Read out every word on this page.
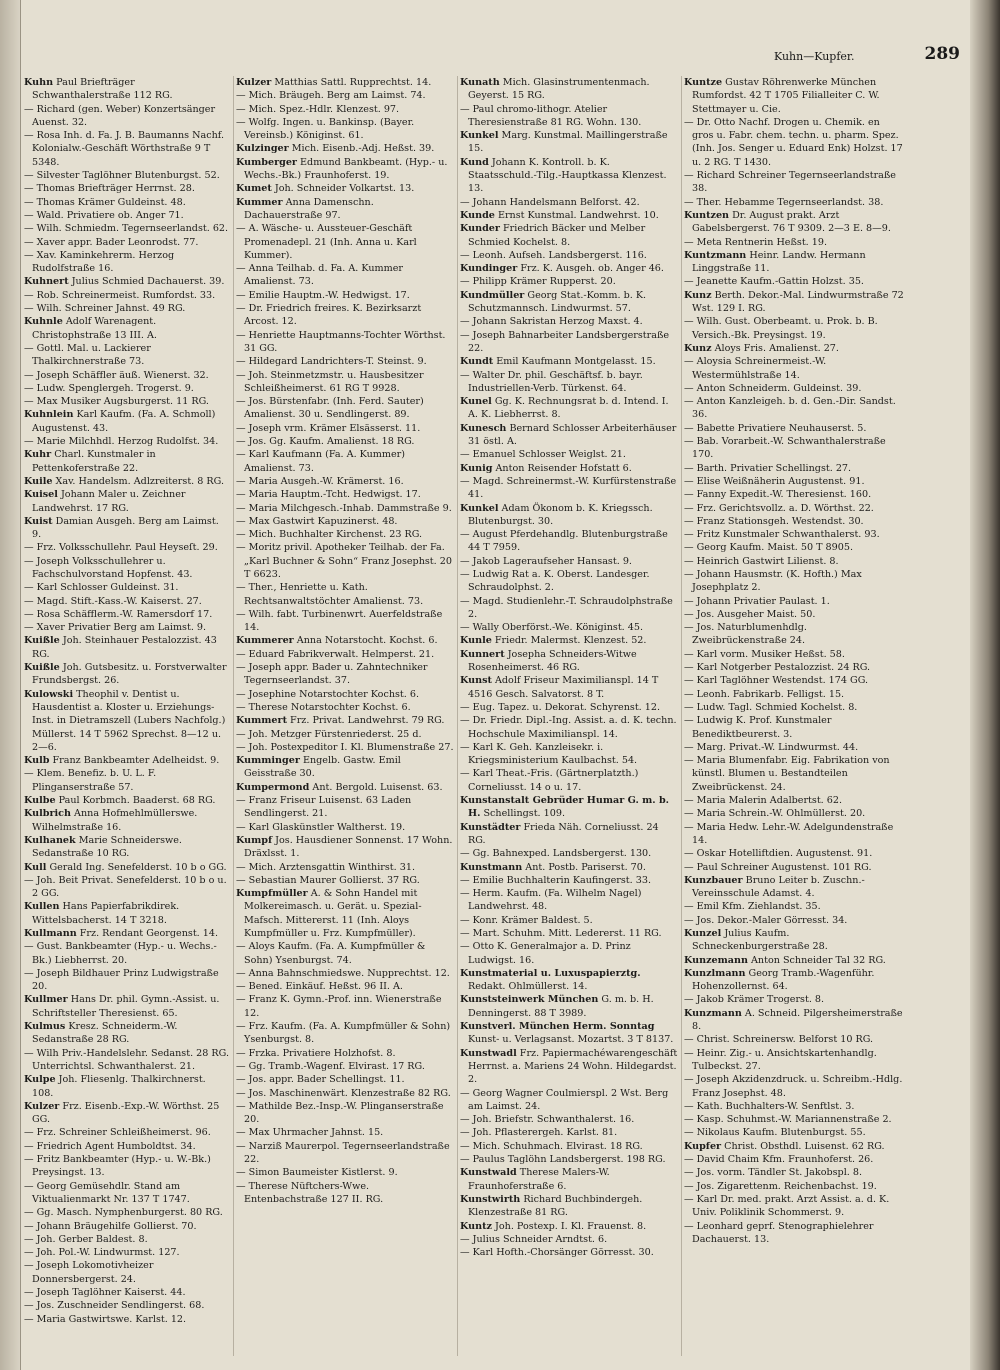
Kuhn—Kupfer.	289

Kuhn Paul Briefträger Schwanthalerstraße 112 RG.

— Richard (gen. Weber) Konzertsänger Auenst. 32.

— Rosa Inh. d. Fa. J. B. Baumanns Nachf. Kolonialw.-Geschäft Wörthstraße 9 T 5348.

— Silvester Taglöhner Blutenburgst. 52.

— Thomas Briefträger Herrnst. 28.

— Thomas Krämer Guldeinst. 48.

— Wald. Privatiere ob. Anger 71.

— Wilh. Schmiedm. Tegernseerlandst. 62.

— Xaver appr. Bader Leonrodst. 77.

— Xav. Kaminkehrerm. Herzog Rudolfstraße 16.

Kuhnert Julius Schmied Dachauerst. 39.

— Rob. Schreinermeist. Rumfordst. 33.

— Wilh. Schreiner Jahnst. 49 RG.

Kuhnle Adolf Warenagent. Christophstraße 13 III. A.

— Gottl. Mal. u. Lackierer Thalkirchnerstraße 73.

— Joseph Schäffler äuß. Wienerst. 32.

— Ludw. Spenglergeh. Trogerst. 9.

— Max Musiker Augsburgerst. 11 RG.

Kuhnlein Karl Kaufm. (Fa. A. Schmoll) Augustenst. 43.

— Marie Milchhdl. Herzog Rudolfst. 34.

Kuhr Charl. Kunstmaler in Pettenkoferstraße 22.

Kuile Xav. Handelsm. Adlzreiterst. 8 RG.

Kuisel Johann Maler u. Zeichner Landwehrst. 17 RG.

Kuist Damian Ausgeh. Berg am Laimst. 9.

— Frz. Volksschullehr. Paul Heyseſt. 29.

— Joseph Volksschullehrer u. Fachschulvorstand Hopfenst. 43.

— Karl Schlosser Guldeinst. 31.

— Magd. Stift.-Kass.-W. Kaiserst. 27.

— Rosa Schäfflerm.-W. Ramersdorf 17.

— Xaver Privatier Berg am Laimst. 9.

Kuißle Joh. Steinhauer Pestalozzist. 43 RG.

Kuißle Joh. Gutsbesitz. u. Forstverwalter Frundsbergst. 26.

Kulowski Theophil v. Dentist u. Hausdentist a. Kloster u. Erziehungs-Inst. in Dietramszell (Lubers Nachfolg.) Müllerst. 14 T 5962 Sprechst. 8—12 u. 2—6.

Kulb Franz Bankbeamter Adelheidst. 9.

— Klem. Benefiz. b. U. L. F. Plinganserstraße 57.

Kulbe Paul Korbmch. Baaderst. 68 RG.

Kulbrich Anna Hofmehlmüllerswe. Wilhelmstraße 16.

Kulhanek Marie Schneiderswe. Sedanstraße 10 RG.

Kull Gerald Ing. Senefelderst. 10 b o GG.

— Joh. Beit Privat. Senefelderst. 10 b o u. 2 GG.

Kullen Hans Papierfabrikdirek. Wittelsbacherst. 14 T 3218.

Kullmann Frz. Rendant Georgenst. 14.

— Gust. Bankbeamter (Hyp.- u. Wechs.-Bk.) Liebherrst. 20.

— Joseph Bildhauer Prinz Ludwigstraße 20.

Kullmer Hans Dr. phil. Gymn.-Assist. u. Schriftsteller Theresienst. 65.

Kulmus Kresz. Schneiderm.-W. Sedanstraße 28 RG.

— Wilh Priv.-Handelslehr. Sedanst. 28 RG. Unterrichtsl. Schwanthalerst. 21.

Kulpe Joh. Fliesenlg. Thalkirchnerst. 108.

Kulzer Frz. Eisenb.-Exp.-W. Wörthst. 25 GG.

— Frz. Schreiner Schleißheimerst. 96.

— Friedrich Agent Humboldtst. 34.

— Fritz Bankbeamter (Hyp.- u. W.-Bk.) Preysingst. 13.

— Georg Gemüsehdlr. Stand am Viktualienmarkt Nr. 137 T 1747.

— Gg. Masch. Nymphenburgerst. 80 RG.

— Johann Bräugehilfe Gollierst. 70.

— Joh. Gerber Baldest. 8.

— Joh. Pol.-W. Lindwurmst. 127.

— Joseph Lokomotivheizer Donnersbergerst. 24.

— Joseph Taglöhner Kaiserst. 44.

— Jos. Zuschneider Sendlingerst. 68.

— Maria Gastwirtswe. Karlst. 12.

Kulzer Matthias Sattl. Rupprechtst. 14.

— Mich. Bräugeh. Berg am Laimst. 74.

— Mich. Spez.-Hdlr. Klenzest. 97.

— Wolfg. Ingen. u. Bankinsp. (Bayer. Vereinsb.) Königinst. 61.

Kulzinger Mich. Eisenb.-Adj. Heßst. 39.

Kumberger Edmund Bankbeamt. (Hyp.- u. Wechs.-Bk.) Fraunhoferst. 19.

Kumet Joh. Schneider Volkartst. 13.

Kummer Anna Damenschn. Dachauerstraße 97.

— A. Wäsche- u. Aussteuer-Geschäft Promenadepl. 21 (Inh. Anna u. Karl Kummer).

— Anna Teilhab. d. Fa. A. Kummer Amalienst. 73.

— Emilie Hauptm.-W. Hedwigst. 17.

— Dr. Friedrich freires. K. Bezirksarzt Arcost. 12.

— Henriette Hauptmanns-Tochter Wörthst. 31 GG.

— Hildegard Landrichters-T. Steinst. 9.

— Joh. Steinmetzmstr. u. Hausbesitzer Schleißheimerst. 61 RG T 9928.

— Jos. Bürstenfabr. (Inh. Ferd. Sauter) Amalienst. 30 u. Sendlingerst. 89.

— Joseph vrm. Krämer Elsässerst. 11.

— Jos. Gg. Kaufm. Amalienst. 18 RG.

— Karl Kaufmann (Fa. A. Kummer) Amalienst. 73.

— Maria Ausgeh.-W. Krämerst. 16.

— Maria Hauptm.-Tcht. Hedwigst. 17.

— Maria Milchgesch.-Inhab. Dammstraße 9.

— Max Gastwirt Kapuzinerst. 48.

— Mich. Buchhalter Kirchenst. 23 RG.

— Moritz privil. Apotheker Teilhab. der Fa. „Karl Buchner & Sohn“ Franz Josephst. 20 T 6623.

— Ther., Henriette u. Kath. Rechtsanwaltstöchter Amalienst. 73.

— Wilh. fabt. Turbinenwrt. Auerfeldstraße 14.

Kummerer Anna Notarstocht. Kochst. 6.

— Eduard Fabrikverwalt. Helmperst. 21.

— Joseph appr. Bader u. Zahntechniker Tegernseerlandst. 37.

— Josephine Notarstochter Kochst. 6.

— Therese Notarstochter Kochst. 6.

Kummert Frz. Privat. Landwehrst. 79 RG.

— Joh. Metzger Fürstenriederst. 25 d.

— Joh. Postexpeditor I. Kl. Blumenstraße 27.

Kumminger Engelb. Gastw. Emil Geisstraße 30.

Kumpermond Ant. Bergold. Luisenst. 63.

— Franz Friseur Luisenst. 63 Laden Sendlingerst. 21.

— Karl Glaskünstler Waltherst. 19.

Kumpf Jos. Hausdiener Sonnenst. 17 Wohn. Dräxlsst. 1.

— Mich. Arztensgattin Winthirst. 31.

— Sebastian Maurer Gollierst. 37 RG.

Kumpfmüller A. & Sohn Handel mit Molkereimasch. u. Gerät. u. Spezial-Mafsch. Mittererst. 11 (Inh. Aloys Kumpfmüller u. Frz. Kumpfmüller).

— Aloys Kaufm. (Fa. A. Kumpfmüller & Sohn) Ysenburgst. 74.

— Anna Bahnschmiedswe. Nupprechtst. 12.

— Bened. Einkäuf. Heßst. 96 II. A.

— Franz K. Gymn.-Prof. inn. Wienerstraße 12.

— Frz. Kaufm. (Fa. A. Kumpfmüller & Sohn) Ysenburgst. 8.

— Frzka. Privatiere Holzhofst. 8.

— Gg. Tramb.-Wagenf. Elvirast. 17 RG.

— Jos. appr. Bader Schellingst. 11.

— Jos. Maschinenwärt. Klenzestraße 82 RG.

— Mathilde Bez.-Insp.-W. Plinganserstraße 20.

— Max Uhrmacher Jahnst. 15.

— Narziß Maurerpol. Tegernseerlandstraße 22.

— Simon Baumeister Kistlerst. 9.

— Therese Nüftchers-Wwe. Entenbachstraße 127 II. RG.

Kunath Mich. Glasinstrumentenmach. Geyerst. 15 RG.

— Paul chromo-lithogr. Atelier Theresienstraße 81 RG. Wohn. 130.

Kunkel Marg. Kunstmal. Maillingerstraße 15.

Kund Johann K. Kontroll. b. K. Staatsschuld.-Tilg.-Hauptkassa Klenzest. 13.

— Johann Handelsmann Belforst. 42.

Kunde Ernst Kunstmal. Landwehrst. 10.

Kunder Friedrich Bäcker und Melber Schmied Kochelst. 8.

— Leonh. Aufseh. Landsbergerst. 116.

Kundinger Frz. K. Ausgeh. ob. Anger 46.

— Philipp Krämer Rupperst. 20.

Kundmüller Georg Stat.-Komm. b. K. Schutzmannsch. Lindwurmst. 57.

— Johann Sakristan Herzog Maxst. 4.

— Joseph Bahnarbeiter Landsbergerstraße 22.

Kundt Emil Kaufmann Montgelasst. 15.

— Walter Dr. phil. Geschäftsf. b. bayr. Industriellen-Verb. Türkenst. 64.

Kunel Gg. K. Rechnungsrat b. d. Intend. I. A. K. Liebherrst. 8.

Kunesch Bernard Schlosser Arbeiterhäuser 31 östl. A.

— Emanuel Schlosser Weiglst. 21.

Kunig Anton Reisender Hofstatt 6.

— Magd. Schreinermst.-W. Kurfürstenstraße 41.

Kunkel Adam Ökonom b. K. Kriegssch. Blutenburgst. 30.

— August Pferdehandlg. Blutenburgstraße 44 T 7959.

— Jakob Lageraufseher Hansast. 9.

— Ludwig Rat a. K. Oberst. Landesger. Schraudolphst. 2.

— Magd. Studienlehr.-T. Schraudolphstraße 2.

— Wally Oberförst.-We. Königinst. 45.

Kunle Friedr. Malermst. Klenzest. 52.

Kunnert Josepha Schneiders-Witwe Rosenheimerst. 46 RG.

Kunst Adolf Friseur Maximilianspl. 14 T 4516 Gesch. Salvatorst. 8 T.

— Eug. Tapez. u. Dekorat. Schyrenst. 12.

— Dr. Friedr. Dipl.-Ing. Assist. a. d. K. techn. Hochschule Maximilianspl. 14.

— Karl K. Geh. Kanzleisekr. i. Kriegsministerium Kaulbachst. 54.

— Karl Theat.-Fris. (Gärtnerplatzth.) Corneliusst. 14 o u. 17.

Kunstanstalt Gebrüder Humar G. m. b. H. Schellingst. 109.

Kunstädter Frieda Näh. Corneliusst. 24 RG.

— Gg. Bahnexped. Landsbergerst. 130.

Kunstmann Ant. Postb. Pariserst. 70.

— Emilie Buchhalterin Kaufingerst. 33.

— Herm. Kaufm. (Fa. Wilhelm Nagel) Landwehrst. 48.

— Konr. Krämer Baldest. 5.

— Mart. Schuhm. Mitt. Ledererst. 11 RG.

— Otto K. Generalmajor a. D. Prinz Ludwigst. 16.

Kunstmaterial u. Luxuspapierztg. Redakt. Ohlmüllerst. 14.

Kunststeinwerk München G. m. b. H. Denningerst. 88 T 3989.

Kunstverl. München Herm. Sonntag Kunst- u. Verlagsanst. Mozartst. 3 T 8137.

Kunstwadl Frz. Papiermachéwarengeschäft Herrnst. a. Mariens 24 Wohn. Hildegardst. 2.

— Georg Wagner Coulmierspl. 2 Wst. Berg am Laimst. 24.

— Joh. Briefstr. Schwanthalerst. 16.

— Joh. Pflasterergeh. Karlst. 81.

— Mich. Schuhmach. Elvirast. 18 RG.

— Paulus Taglöhn Landsbergerst. 198 RG.

Kunstwald Therese Malers-W. Fraunhoferstraße 6.

Kunstwirth Richard Buchbindergeh. Klenzestraße 81 RG.

Kuntz Joh. Postexp. I. Kl. Frauenst. 8.

— Julius Schneider Arndtst. 6.

— Karl Hofth.-Chorsänger Görresst. 30.

Kuntze Gustav Röhrenwerke München Rumfordst. 42 T 1705 Filialleiter C. W. Stettmayer u. Cie.

— Dr. Otto Nachf. Drogen u. Chemik. en gros u. Fabr. chem. techn. u. pharm. Spez. (Inh. Jos. Senger u. Eduard Enk) Holzst. 17 u. 2 RG. T 1430.

— Richard Schreiner Tegernseerlandstraße 38.

— Ther. Hebamme Tegernseerlandst. 38.

Kuntzen Dr. August prakt. Arzt Gabelsbergerst. 76 T 9309. 2—3 E. 8—9.

— Meta Rentnerin Heßst. 19.

Kuntzmann Heinr. Landw. Hermann Linggstraße 11.

— Jeanette Kaufm.-Gattin Holzst. 35.

Kunz Berth. Dekor.-Mal. Lindwurmstraße 72 Wst. 129 I. RG.

— Wilh. Gust. Oberbeamt. u. Prok. b. B. Versich.-Bk. Preysingst. 19.

Kunz Aloys Fris. Amalienst. 27.

— Aloysia Schreinermeist.-W. Westermühlstraße 14.

— Anton Schneiderm. Guldeinst. 39.

— Anton Kanzleigeh. b. d. Gen.-Dir. Sandst. 36.

— Babette Privatiere Neuhauserst. 5.

— Bab. Vorarbeit.-W. Schwanthalerstraße 170.

— Barth. Privatier Schellingst. 27.

— Elise Weißnäherin Augustenst. 91.

— Fanny Expedit.-W. Theresienst. 160.

— Frz. Gerichtsvollz. a. D. Wörthst. 22.

— Franz Stationsgeh. Westendst. 30.

— Fritz Kunstmaler Schwanthalerst. 93.

— Georg Kaufm. Maist. 50 T 8905.

— Heinrich Gastwirt Lilienst. 8.

— Johann Hausmstr. (K. Hofth.) Max Josephplatz 2.

— Johann Privatier Paulast. 1.

— Jos. Ausgeher Maist. 50.

— Jos. Naturblumenhdlg. Zweibrückenstraße 24.

— Karl vorm. Musiker Heßst. 58.

— Karl Notgerber Pestalozzist. 24 RG.

— Karl Taglöhner Westendst. 174 GG.

— Leonh. Fabrikarb. Felligst. 15.

— Ludw. Tagl. Schmied Kochelst. 8.

— Ludwig K. Prof. Kunstmaler Benediktbeurerst. 3.

— Marg. Privat.-W. Lindwurmst. 44.

— Maria Blumenfabr. Eig. Fabrikation von künstl. Blumen u. Bestandteilen Zweibrückenst. 24.

— Maria Malerin Adalbertst. 62.

— Maria Schrein.-W. Ohlmüllerst. 20.

— Maria Hedw. Lehr.-W. Adelgundenstraße 14.

— Oskar Hotelliftdien. Augustenst. 91.

— Paul Schreiner Augustenst. 101 RG.

Kunzbauer Bruno Leiter b. Zuschn.-Vereinsschule Adamst. 4.

— Emil Kfm. Ziehlandst. 35.

— Jos. Dekor.-Maler Görresst. 34.

Kunzel Julius Kaufm. Schneckenburgerstraße 28.

Kunzemann Anton Schneider Tal 32 RG.

Kunzlmann Georg Tramb.-Wagenführ. Hohenzollernst. 64.

— Jakob Krämer Trogerst. 8.

Kunzmann A. Schneid. Pilgersheimerstraße 8.

— Christ. Schreinersw. Belforst 10 RG.

— Heinr. Zig.- u. Ansichtskartenhandlg. Tulbeckst. 27.

— Joseph Akzidenzdruck. u. Schreibm.-Hdlg. Franz Josephst. 48.

— Kath. Buchhalters-W. Senftlst. 3.

— Kasp. Schuhmst.-W. Mariannenstraße 2.

— Nikolaus Kaufm. Blutenburgst. 55.

Kupfer Christ. Obsthdl. Luisenst. 62 RG.

— David Chaim Kfm. Fraunhoferst. 26.

— Jos. vorm. Tändler St. Jakobspl. 8.

— Jos. Zigarettenm. Reichenbachst. 19.

— Karl Dr. med. prakt. Arzt Assist. a. d. K. Univ. Poliklinik Schommerst. 9.

— Leonhard geprf. Stenographielehrer Dachauerst. 13.
